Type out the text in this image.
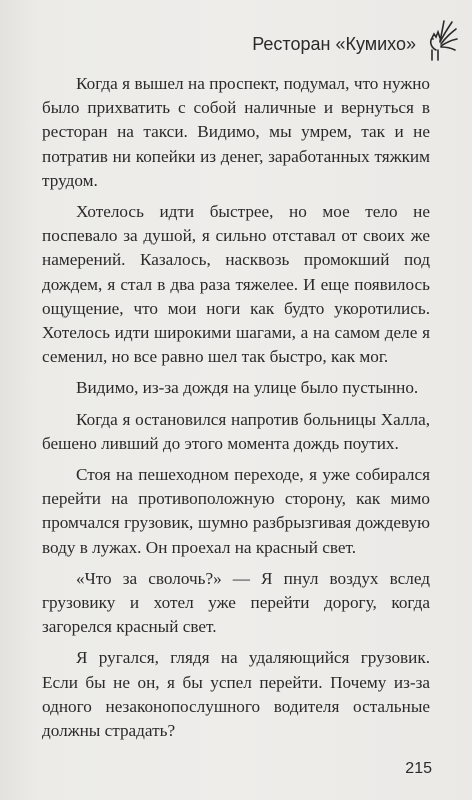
Ресторан «Кумихо»

Когда я вышел на проспект, подумал, что нужно было прихватить с собой наличные и вернуться в ресторан на такси. Видимо, мы умрем, так и не потратив ни копейки из денег, заработанных тяжким трудом.

Хотелось идти быстрее, но мое тело не поспевало за душой, я сильно отставал от своих же намерений. Казалось, насквозь промокший под дождем, я стал в два раза тяжелее. И еще появилось ощущение, что мои ноги как будто укоротились. Хотелось идти широкими шагами, а на самом деле я семенил, но все равно шел так быстро, как мог.

Видимо, из-за дождя на улице было пустынно.

Когда я остановился напротив больницы Халла, бешено ливший до этого момента дождь поутих.

Стоя на пешеходном переходе, я уже собирался перейти на противоположную сторону, как мимо промчался грузовик, шумно разбрызгивая дождевую воду в лужах. Он проехал на красный свет.

«Что за сволочь?» — Я пнул воздух вслед грузовику и хотел уже перейти дорогу, когда загорелся красный свет.

Я ругался, глядя на удаляющийся грузовик. Если бы не он, я бы успел перейти. Почему из-за одного незаконопослушного водителя остальные должны страдать?

215
